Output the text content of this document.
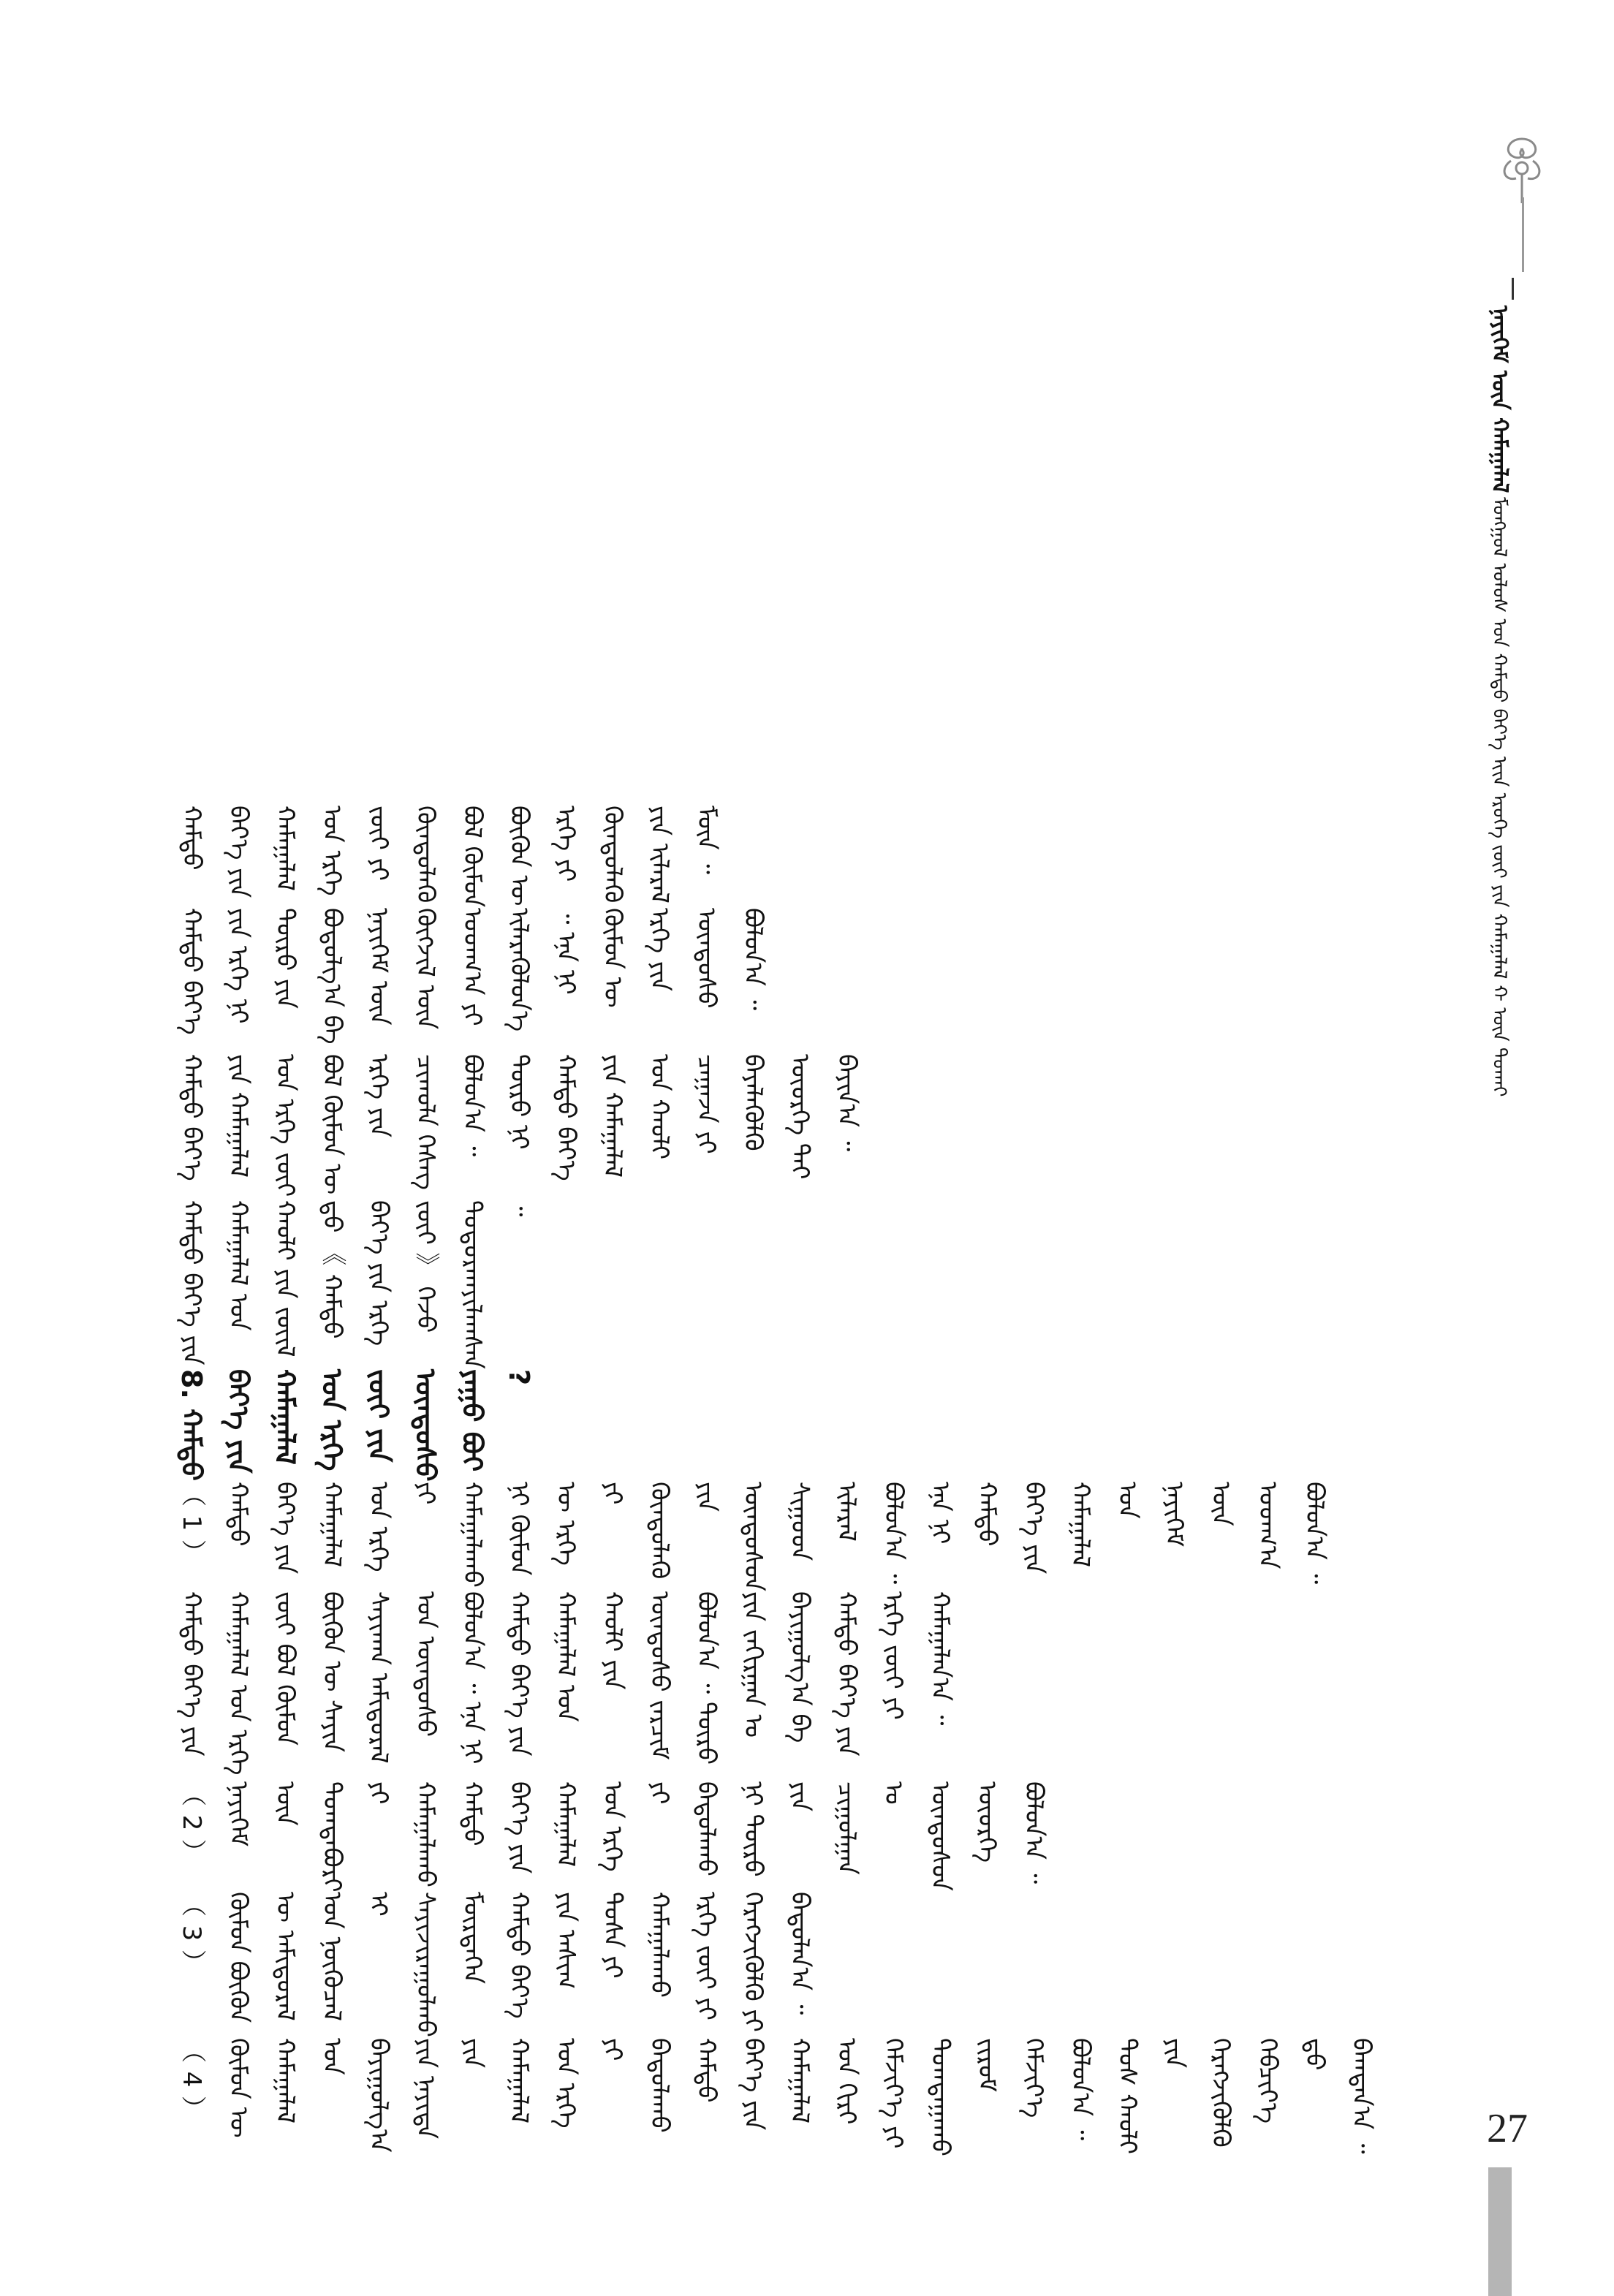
ᠨᠡᠶᠢᠭᠡᠮ ᠦᠨ ᠬᠠᠮᠠᠭᠠᠯᠠᠯ
ᠮᠣᠩᠭᠣᠯ ᠤᠯᠤᠰ ᠤᠨ ᠬᠠᠮᠲᠤ ᠪᠡᠶ᠎ᠡ ᠢᠢᠨ ᠡᠷᠦᠬᠡ ᠵᠦᠢ ᠶᠢᠨ ᠬᠠᠮᠠᠭᠠᠯᠠᠯ ᠭ᠋ ᠦᠨ ᠲᠤᠬᠠᠢ
（ 4 ） ᠬᠦᠮᠦᠨ ᠦ ᠬᠠᠮᠠᠭᠠᠯᠠᠯ ᠤᠨ ᠪᠠᠶᠢᠭᠤᠯᠭ᠎ᠠ ᠶᠢᠨ ᠨᠡᠶᠢᠲᠡ ᠶᠢᠨ ᠬᠠᠮᠠᠭᠠᠯᠠᠯ ᠤᠨ ᠡᠷᠬᠡ ᠶᠢ ᠪᠠᠲᠤᠯᠠᠬᠤ ᠬᠠᠮᠲᠤ ᠪᠡᠶ᠎ᠡ ᠶᠢᠨ ᠬᠠᠮᠠᠭᠠᠯᠠᠯ ᠤᠨ ᠬᠢᠷᠢ ᠬᠡᠮᠵᠢᠶ᠎ᠡ ᠶᠢ ᠲᠣᠭᠲᠠᠭᠠᠬᠤ ᠵᠢᠷᠤᠮ ᠬᠡᠮᠵᠢᠶ᠎ᠡ ᠪᠣᠯᠤᠨ᠎ᠠ ᠃ ᠲᠤᠰ ᠬᠠᠤᠯᠢ ᠶᠢᠨ ᠬᠡᠷᠡᠭᠵᠢᠭᠦᠯᠬᠦ ᠬᠡᠪᠴᠢᠶ᠎ᠡ ᠳ᠋ᠤ ᠪᠠᠭᠲᠠᠨ᠎ᠠ ᠃
（ 3 ） ᠬᠦᠮᠦᠨ ᠪᠦᠬᠦᠨ ᠦ ᠠᠮᠢᠳᠤᠷᠠᠯ ᠤᠨ ᠨᠦᠬᠦᠴᠡᠯ ᠢ ᠰᠠᠶᠢᠵᠢᠷᠠᠭᠤᠯᠬᠤ ᠮᠥᠷᠲᠡᠭᠡᠨ ᠬᠠᠮᠲᠤ ᠪᠡᠶ᠎ᠡ ᠶᠢᠨ ᠠᠰᠢᠭ ᠲᠤᠰᠠ ᠶᠢ ᠬᠠᠮᠠᠭᠠᠯᠠᠬᠤ ᠡᠷᠬᠡ ᠵᠦᠢ ᠶᠢ ᠬᠡᠷᠡᠭᠵᠢᠭᠦᠯᠬᠦ ᠶᠢ ᠪᠠᠲᠤᠯᠠᠨ᠎ᠠ ᠃
（ 2 ） ᠨᠡᠶᠢᠭᠡᠮ ᠦᠨ ᠲᠣᠭᠲᠠᠪᠤᠷᠢ ᠶᠢ ᠬᠠᠮᠠᠭᠠᠯᠠᠬᠤ ᠬᠠᠮᠲᠤ ᠪᠡᠶ᠎ᠡ ᠶᠢᠨ ᠬᠠᠮᠠᠭᠠᠯᠠᠯ ᠤᠨ ᠡᠷᠬᠡ ᠶᠢ ᠪᠠᠲᠤᠯᠠᠬᠤ ᠨᠢ ᠲᠦᠷᠦ ᠶᠢᠨ ᠴᠢᠭᠤᠯᠭᠠᠨ ᠤ ᠦᠨᠳᠦᠰᠦᠨ ᠦᠦᠷᠭᠡ ᠪᠣᠯᠤᠨ᠎ᠠ ᠃
ᠬᠠᠮᠲᠤ ᠪᠡᠶ᠎ᠡ ᠶᠢᠨ ᠬᠠᠮᠠᠭᠠᠯᠠᠯ ᠤᠨ ᠡᠷᠬᠡ ᠵᠦᠢ ᠪᠣᠯ ᠬᠦᠮᠦᠨ ᠪᠦᠬᠦᠨ ᠦ ᠰᠠᠶᠢᠨ ᠰᠠᠶᠢᠬᠠᠨ ᠠᠮᠢᠳᠤᠷᠠᠯ ᠤᠨ ᠦᠨᠳᠦᠰᠦ ᠪᠣᠯᠤᠨ᠎ᠠ ᠃ ᠡᠨᠡ ᠨᠢ ᠬᠠᠮᠲᠤ ᠪᠡᠶ᠎ᠡ ᠶᠢᠨ ᠬᠠᠮᠠᠭᠠᠯᠠᠯ ᠤᠨ ᠬᠠᠤᠯᠢ ᠶᠢᠨ ᠦᠨᠳᠦᠰᠦ ᠵᠠᠷᠴᠢᠮ ᠪᠣᠯᠤᠨ᠎ᠠ ᠃ ᠲᠦᠷᠦ ᠶᠢᠨ ᠵᠠᠬᠢᠷᠭᠠᠨ ᠤ ᠪᠠᠶᠢᠭᠤᠯᠭ᠎ᠠ ᠪᠠ ᠬᠠᠮᠲᠤ ᠪᠡᠶ᠎ᠡ ᠶᠢᠨ ᠡᠷᠬᠡ ᠵᠦᠢ ᠶᠢ ᠬᠠᠮᠠᠭᠠᠯᠠᠨ᠎ᠠ ᠃
（ 1 ） ᠬᠠᠮᠲᠤ ᠪᠡᠶ᠎ᠡ ᠶᠢᠨ ᠬᠠᠮᠠᠭᠠᠯᠠᠯ ᠤᠨ ᠡᠷᠬᠡ ᠶᠢ ᠬᠠᠮᠠᠭᠠᠯᠠᠬᠤ ᠨᠢ ᠬᠦᠮᠦᠨ ᠦ ᠡᠷᠬᠡ ᠶᠢ ᠬᠦᠨᠳᠦᠯᠡᠬᠦ ᠶᠢᠨ ᠦᠨᠳᠦᠰᠦᠨ ᠰᠢᠭᠤᠳ ᠢᠯᠡᠷᠡᠯ ᠪᠣᠯᠤᠨ᠎ᠠ ᠃ ᠡᠨᠡ ᠨᠢ ᠬᠠᠮᠲᠤ ᠪᠡᠶ᠎ᠡ ᠶᠢᠨ ᠬᠠᠮᠠᠭᠠᠯᠠᠯ ᠤᠨ ᠨᠡᠶᠢᠭᠡᠮ ᠦᠨ ᠤᠳᠬ᠎ᠠ ᠪᠣᠯᠤᠨ᠎ᠠ ᠃
8. ᠬᠠᠮᠲᠤ ᠪᠡᠶ᠎ᠡ ᠶᠢᠨ ᠬᠠᠮᠠᠭᠠᠯᠠᠯ ᠤᠨ ᠡᠷᠬᠡ ᠵᠦᠢ ᠶᠢᠨ ᠦᠨᠳᠦᠰᠦ ᠶᠠᠭᠤ ᠪᠣᠢ ?
ᠬᠠᠮᠲᠤ ᠪᠡᠶ᠎ᠡ ᠶᠢᠨ ᠬᠠᠮᠠᠭᠠᠯᠠᠯ ᠤᠨ ᠬᠠᠤᠯᠢ ᠶᠢᠨ ᠵᠦᠢᠯ ᠳ᠋ᠤ 《 ᠬᠠᠮᠲᠤ ᠪᠡᠶ᠎ᠡ ᠶᠢᠨ ᠡᠷᠬᠡ ᠵᠦᠢ 》 ᠭᠡᠵᠦ ᠲᠣᠳᠤᠷᠬᠠᠶᠢᠯᠠᠭᠰᠠᠨ ᠃
ᠬᠠᠮᠲᠤ ᠪᠡᠶ᠎ᠡ ᠶᠢᠨ ᠬᠠᠮᠠᠭᠠᠯᠠᠯ ᠤᠨ ᠡᠷᠬᠡ ᠵᠦᠢ ᠪᠣᠯ ᠬᠦᠮᠦᠨ ᠦ ᠡᠷᠬᠡ ᠶᠢᠨ ᠴᠢᠬᠤᠯᠠ ᠬᠡᠰᠡᠭ ᠪᠣᠯᠤᠨ᠎ᠠ ᠃ ᠲᠦᠷᠦ ᠨᠢ ᠬᠠᠮᠲᠤ ᠪᠡᠶ᠎ᠡ ᠶᠢᠨ ᠬᠠᠮᠠᠭᠠᠯᠠᠯ ᠤᠨ ᠬᠠᠤᠯᠢ ᠴᠠᠭᠠᠵᠠ ᠶᠢ ᠪᠡᠶᠡᠯᠡᠭᠦᠯᠬᠦ ᠦᠦᠷᠭᠡ ᠲᠡᠢ ᠪᠠᠶᠢᠨ᠎ᠠ ᠃
ᠬᠠᠮᠲᠤ ᠪᠡᠶ᠎ᠡ ᠶᠢᠨ ᠡᠷᠬᠡ ᠨᠢ ᠲᠦᠷᠦ ᠶᠢᠨ ᠪᠣᠳᠣᠯᠭ᠎ᠠ ᠪᠠ ᠨᠡᠶᠢᠭᠡᠮ ᠦᠨ ᠬᠥᠭᠵᠢᠯ ᠦᠨ ᠤᠳᠬ᠎ᠠ ᠶᠢ ᠢᠯᠡᠷᠡᠭᠦᠯᠦᠨ᠎ᠡ ᠃ ᠡᠨᠡ ᠨᠢ ᠬᠦᠮᠦᠨ ᠦ ᠡᠷᠬᠡ ᠶᠢᠨ ᠦᠨᠳᠦᠰᠦ ᠪᠤᠯᠤᠨ᠎ᠠ ᠃
ᠬᠠᠮᠲᠤ ᠪᠡᠶ᠎ᠡ ᠶᠢᠨ ᠬᠠᠮᠠᠭᠠᠯᠠᠯ ᠤᠨ ᠡᠷᠬᠡ ᠵᠦᠢ ᠶᠢ ᠬᠦᠨᠳᠦᠯᠡᠬᠦ ᠪᠣᠯ ᠬᠦᠮᠦᠨ ᠪᠦᠬᠦᠨ ᠦ ᠡᠷᠬᠡ ᠶᠢ ᠬᠦᠨᠳᠦᠯᠡᠬᠦ ᠶᠢᠨ ᠢᠯᠡᠷᠡᠯ ᠮᠥᠨ ᠃
27
